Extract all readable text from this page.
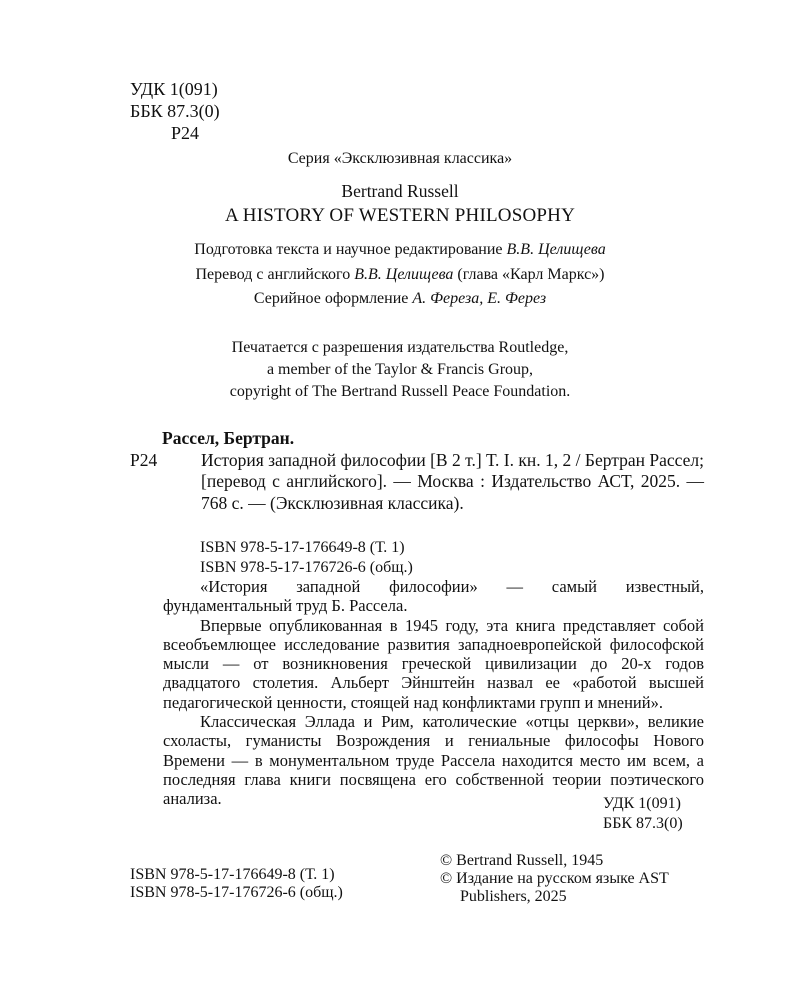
УДК 1(091)
ББК 87.3(0)
Р24
Серия «Эксклюзивная классика»
Bertrand Russell
A HISTORY OF WESTERN PHILOSOPHY
Подготовка текста и научное редактирование В.В. Целищева
Перевод с английского В.В. Целищева (глава «Карл Маркс»)
Серийное оформление А. Фереза, Е. Ферез
Печатается с разрешения издательства Routledge,
a member of the Taylor & Francis Group,
copyright of The Bertrand Russell Peace Foundation.
Рассел, Бертран.
Р24	История западной философии [В 2 т.] Т. I. кн. 1, 2 / Бертран Рассел; [перевод с английского]. — Москва : Издательство АСТ, 2025. — 768 с. — (Эксклюзивная классика).
ISBN 978-5-17-176649-8 (Т. 1)
ISBN 978-5-17-176726-6 (общ.)

«История западной философии» — самый известный, фундаментальный труд Б. Рассела.

Впервые опубликованная в 1945 году, эта книга представляет собой всеобъемлющее исследование развития западноевропейской философской мысли — от возникновения греческой цивилизации до 20-х годов двадцатого столетия. Альберт Эйнштейн назвал ее «работой высшей педагогической ценности, стоящей над конфликтами групп и мнений».

Классическая Эллада и Рим, католические «отцы церкви», великие схоласты, гуманисты Возрождения и гениальные философы Нового Времени — в монументальном труде Рассела находится место им всем, а последняя глава книги посвящена его собственной теории поэтического анализа.	УДК 1(091)
ББК 87.3(0)
ISBN 978-5-17-176649-8 (Т. 1)
ISBN 978-5-17-176726-6 (общ.)
© Bertrand Russell, 1945
© Издание на русском языке AST
Publishers, 2025
